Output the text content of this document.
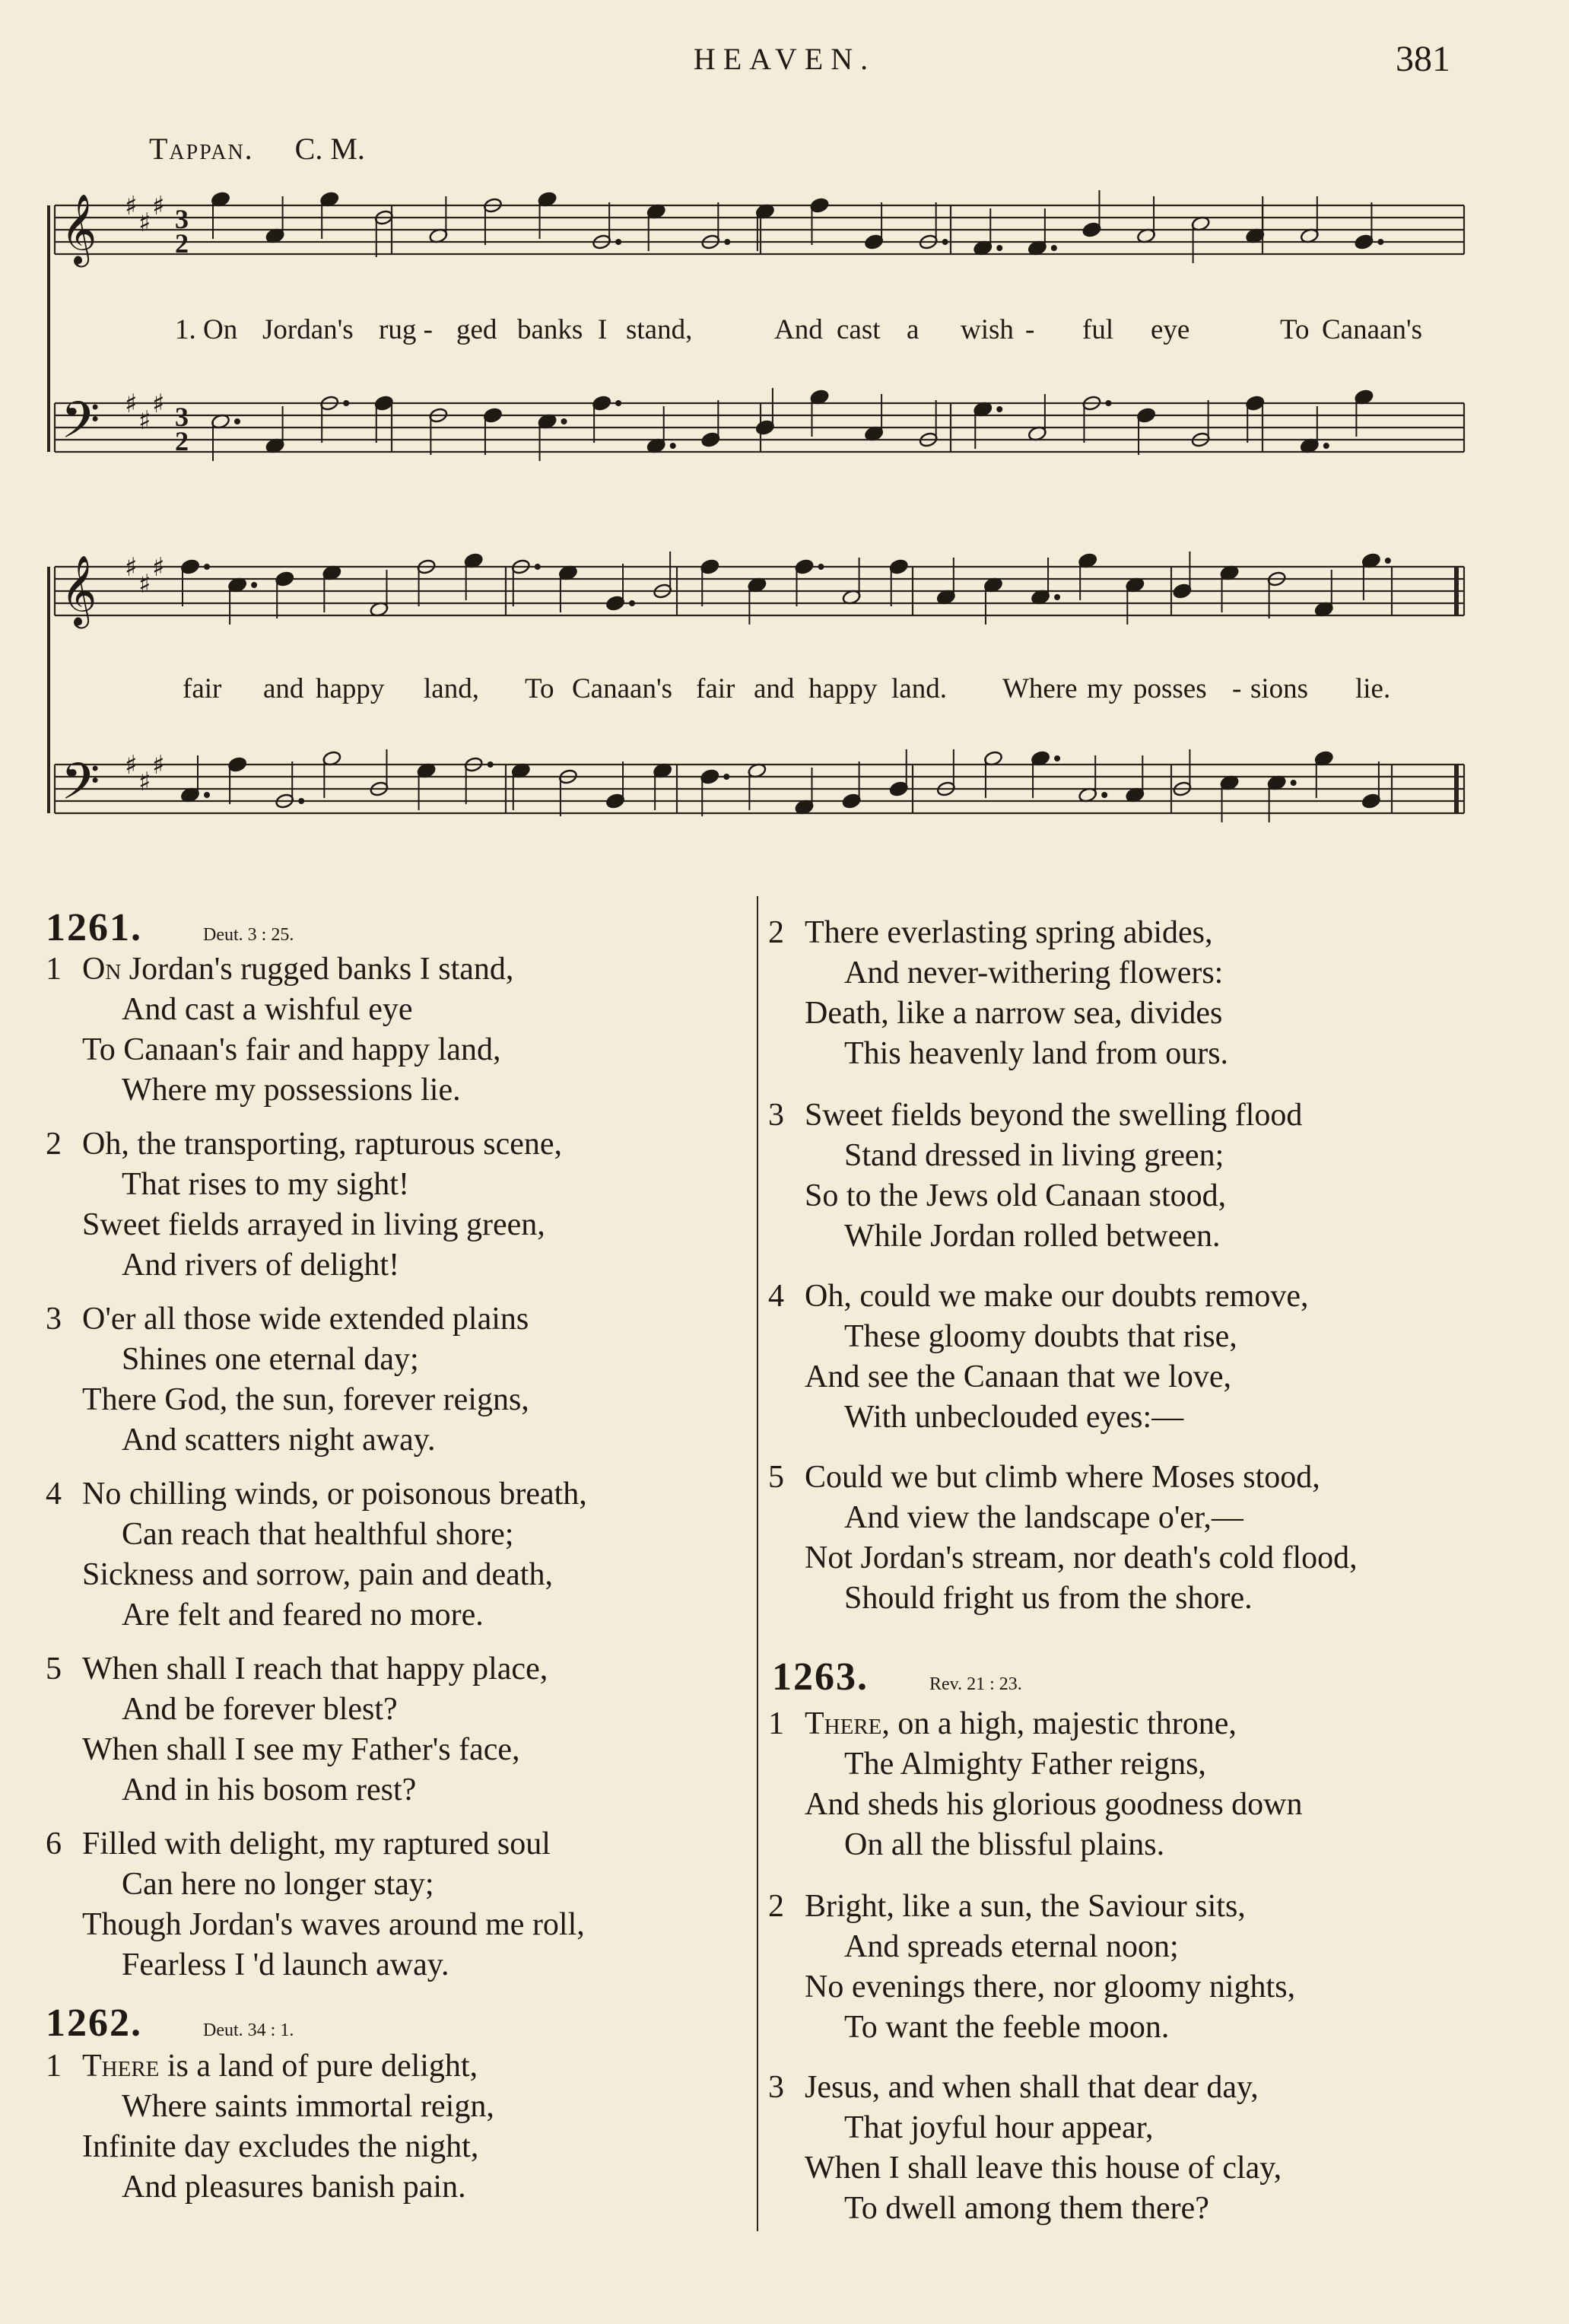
HEAVEN.	381
Tappan. C. M.
𝄞 ♯
♯
♯ 3
2
𝄢 ♯
♯
♯ 3
2
𝄞 ♯
♯
♯
𝄢 ♯
♯
♯
1. On Jordan's rug - ged banks I stand,	And cast a wish - ful eye	To Canaan's
fair and happy land, To Canaan's fair and happy land. Where my posses - sions lie.
1261.	Deut. 3 : 25.
1 On Jordan's rugged banks I stand,
And cast a wishful eye
To Canaan's fair and happy land,
Where my possessions lie.
2 Oh, the transporting, rapturous scene,
That rises to my sight!
Sweet fields arrayed in living green,
And rivers of delight!
3 O'er all those wide extended plains
Shines one eternal day;
There God, the sun, forever reigns,
And scatters night away.
4 No chilling winds, or poisonous breath,
Can reach that healthful shore;
Sickness and sorrow, pain and death,
Are felt and feared no more.
5 When shall I reach that happy place,
And be forever blest?
When shall I see my Father's face,
And in his bosom rest?
6 Filled with delight, my raptured soul
Can here no longer stay;
Though Jordan's waves around me roll,
Fearless I 'd launch away.
1262.	Deut. 34 : 1.
1 There is a land of pure delight,
Where saints immortal reign,
Infinite day excludes the night,
And pleasures banish pain.
2 There everlasting spring abides,
And never-withering flowers:
Death, like a narrow sea, divides
This heavenly land from ours.
3 Sweet fields beyond the swelling flood
Stand dressed in living green;
So to the Jews old Canaan stood,
While Jordan rolled between.
4 Oh, could we make our doubts remove,
These gloomy doubts that rise,
And see the Canaan that we love,
With unbeclouded eyes:—
5 Could we but climb where Moses stood,
And view the landscape o'er,—
Not Jordan's stream, nor death's cold flood,
Should fright us from the shore.
1263.	Rev. 21 : 23.
1 There, on a high, majestic throne,
The Almighty Father reigns,
And sheds his glorious goodness down
On all the blissful plains.
2 Bright, like a sun, the Saviour sits,
And spreads eternal noon;
No evenings there, nor gloomy nights,
To want the feeble moon.
3 Jesus, and when shall that dear day,
That joyful hour appear,
When I shall leave this house of clay,
To dwell among them there?
